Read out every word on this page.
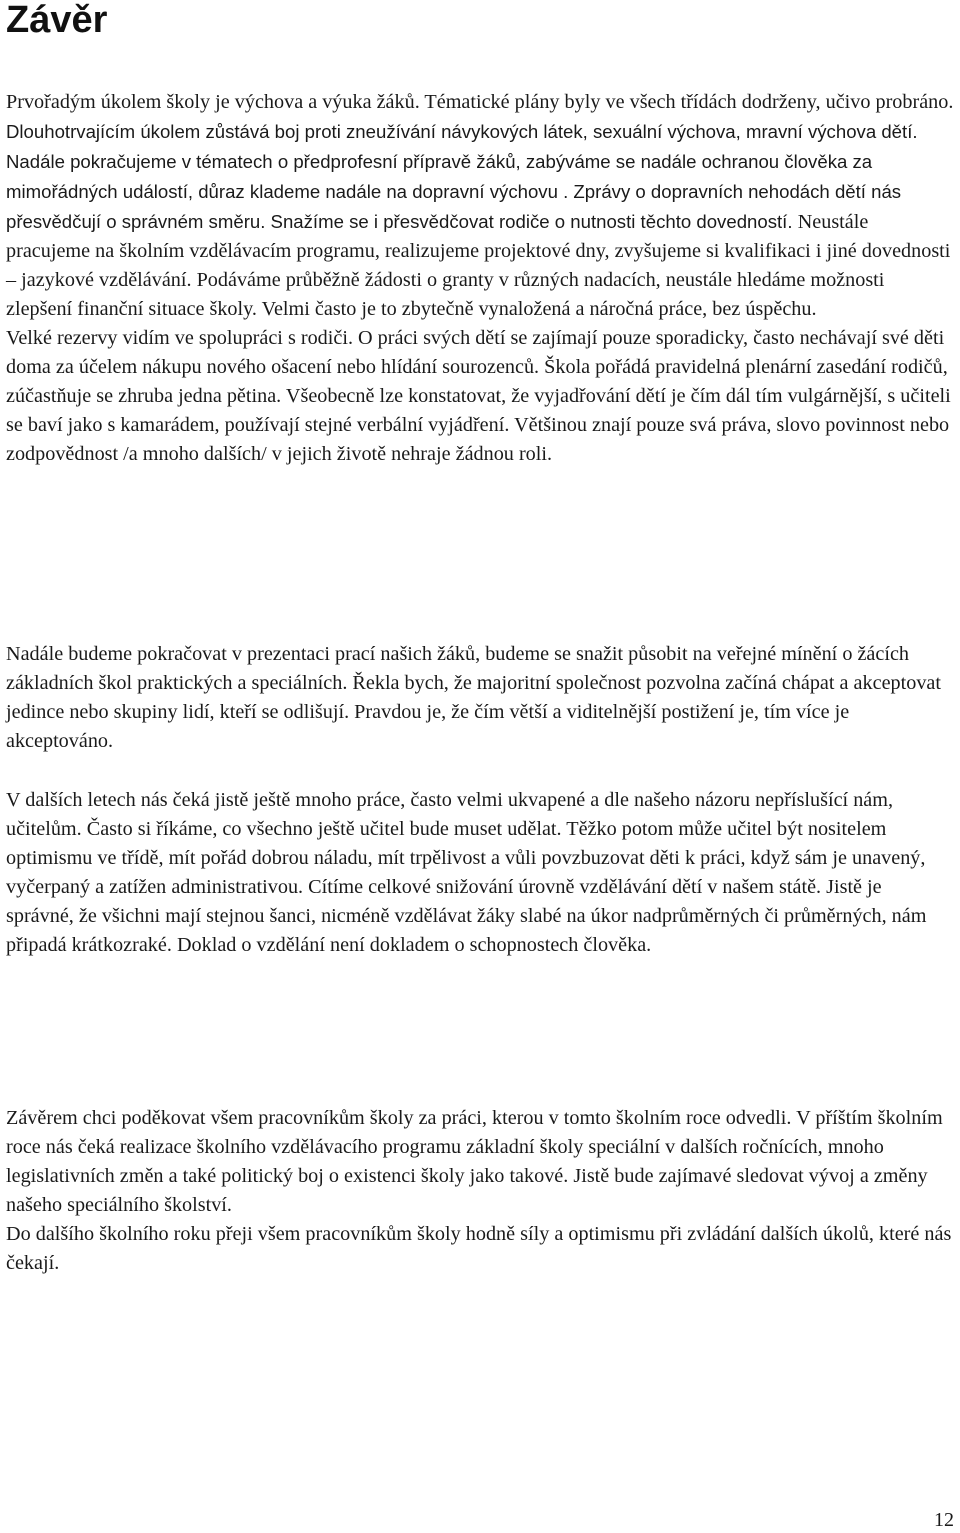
Závěr

Prvořadým úkolem školy je výchova a výuka žáků. Tématické plány byly ve všech třídách dodrženy, učivo probráno. Dlouhotrvajícím úkolem zůstává boj proti zneužívání návykových látek, sexuální výchova, mravní výchova dětí. Nadále pokračujeme v tématech o předprofesní přípravě žáků, zabýváme se nadále ochranou člověka za mimořádných událostí, důraz klademe nadále na dopravní výchovu . Zprávy o dopravních nehodách dětí nás přesvědčují o správném směru. Snažíme se i přesvědčovat rodiče o nutnosti těchto dovedností. Neustále pracujeme na školním vzdělávacím programu, realizujeme projektové dny, zvyšujeme si kvalifikaci i jiné dovednosti – jazykové vzdělávání. Podáváme průběžně žádosti o granty v různých nadacích, neustále hledáme možnosti zlepšení finanční situace školy. Velmi často je to zbytečně vynaložená a náročná práce, bez úspěchu.
Velké rezervy vidím ve spolupráci s rodiči. O práci svých dětí se zajímají pouze sporadicky, často nechávají své děti doma za účelem nákupu nového ošacení nebo hlídání sourozenců. Škola pořádá pravidelná plenární zasedání rodičů, zúčastňuje se zhruba jedna pětina. Všeobecně lze konstatovat, že vyjadřování dětí je čím dál tím vulgárnější, s učiteli se baví jako s kamarádem, používají stejné verbální vyjádření. Většinou znají pouze svá práva, slovo povinnost nebo zodpovědnost /a mnoho dalších/ v jejich životě nehraje žádnou roli.

Nadále budeme pokračovat v prezentaci prací našich žáků, budeme se snažit působit na veřejné mínění o žácích základních škol praktických a speciálních. Řekla bych, že majoritní společnost pozvolna začíná chápat a akceptovat jedince nebo skupiny lidí, kteří se odlišují. Pravdou je, že čím větší a viditelnější postižení je, tím více je akceptováno.

V dalších letech nás čeká jistě ještě mnoho práce, často velmi ukvapené a dle našeho názoru nepříslušící nám, učitelům. Často si říkáme, co všechno ještě učitel bude muset udělat. Těžko potom může učitel být nositelem optimismu ve třídě, mít pořád dobrou náladu, mít trpělivost a vůli povzbuzovat děti k práci, když sám je unavený, vyčerpaný a zatížen administrativou. Cítíme celkové snižování úrovně vzdělávání dětí v našem státě. Jistě je správné, že všichni mají stejnou šanci, nicméně vzdělávat žáky slabé na úkor nadprůměrných či průměrných, nám připadá krátkozraké. Doklad o vzdělání není dokladem o schopnostech člověka.

Závěrem chci poděkovat všem pracovníkům školy za práci, kterou v tomto školním roce odvedli. V příštím školním roce nás čeká realizace školního vzdělávacího programu základní školy speciální v dalších ročnících, mnoho legislativních změn a také politický boj o existenci školy jako takové. Jistě bude zajímavé sledovat vývoj a změny našeho speciálního školství.
Do dalšího školního roku přeji všem pracovníkům školy hodně síly a optimismu při zvládání dalších úkolů, které nás čekají.

12
